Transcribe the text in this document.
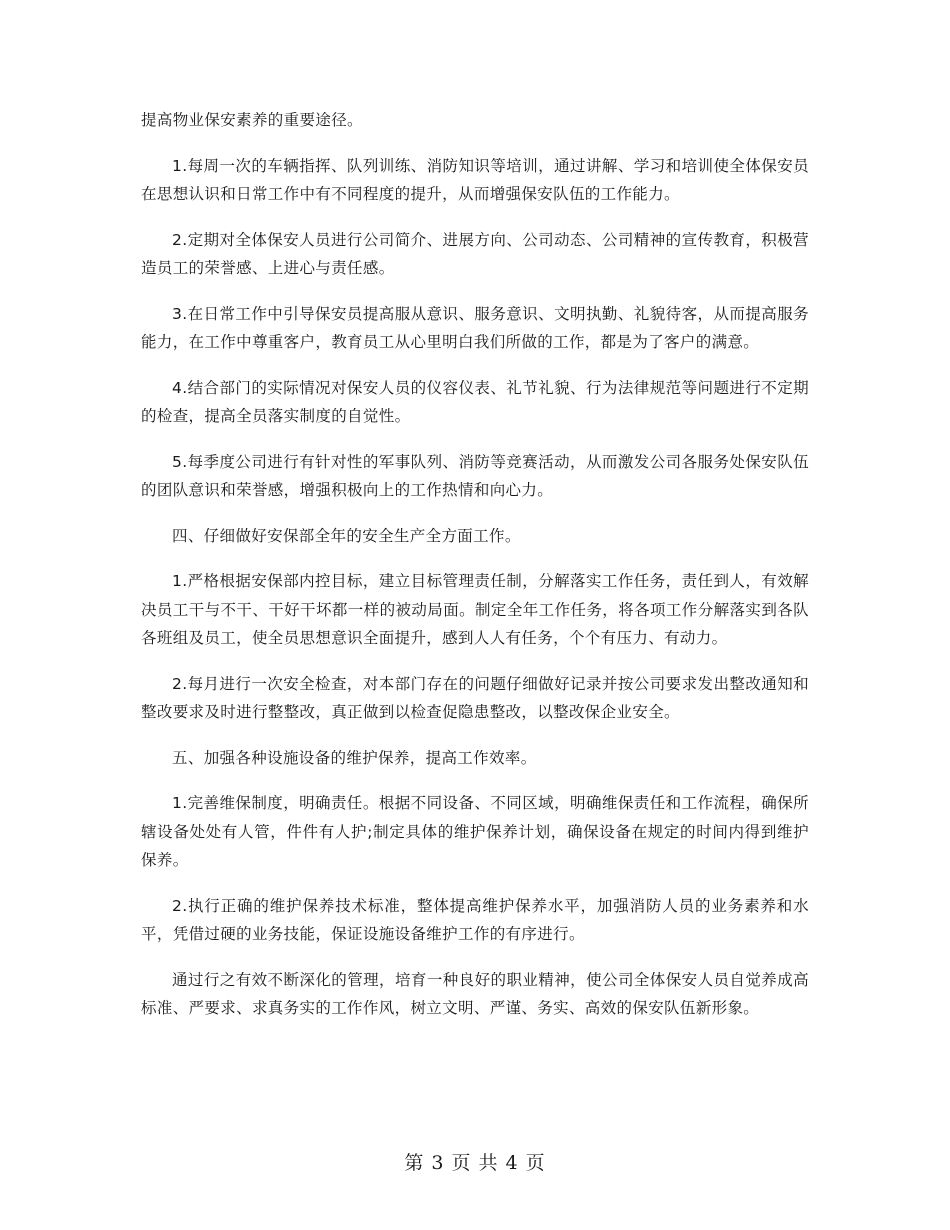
提高物业保安素养的重要途径。

1.每周一次的车辆指挥、队列训练、消防知识等培训，通过讲解、学习和培训使全体保安员在思想认识和日常工作中有不同程度的提升，从而增强保安队伍的工作能力。

2.定期对全体保安人员进行公司简介、进展方向、公司动态、公司精神的宣传教育，积极营造员工的荣誉感、上进心与责任感。

3.在日常工作中引导保安员提高服从意识、服务意识、文明执勤、礼貌待客，从而提高服务能力，在工作中尊重客户，教育员工从心里明白我们所做的工作，都是为了客户的满意。

4.结合部门的实际情况对保安人员的仪容仪表、礼节礼貌、行为法律规范等问题进行不定期的检查，提高全员落实制度的自觉性。

5.每季度公司进行有针对性的军事队列、消防等竞赛活动，从而激发公司各服务处保安队伍的团队意识和荣誉感，增强积极向上的工作热情和向心力。

四、仔细做好安保部全年的安全生产全方面工作。

1.严格根据安保部内控目标，建立目标管理责任制，分解落实工作任务，责任到人，有效解决员工干与不干、干好干坏都一样的被动局面。制定全年工作任务，将各项工作分解落实到各队各班组及员工，使全员思想意识全面提升，感到人人有任务，个个有压力、有动力。

2.每月进行一次安全检查，对本部门存在的问题仔细做好记录并按公司要求发出整改通知和整改要求及时进行整整改，真正做到以检查促隐患整改，以整改保企业安全。

五、加强各种设施设备的维护保养，提高工作效率。

1.完善维保制度，明确责任。根据不同设备、不同区域，明确维保责任和工作流程，确保所辖设备处处有人管，件件有人护;制定具体的维护保养计划，确保设备在规定的时间内得到维护保养。

2.执行正确的维护保养技术标准，整体提高维护保养水平，加强消防人员的业务素养和水平，凭借过硬的业务技能，保证设施设备维护工作的有序进行。

通过行之有效不断深化的管理，培育一种良好的职业精神，使公司全体保安人员自觉养成高标准、严要求、求真务实的工作作风，树立文明、严谨、务实、高效的保安队伍新形象。

第 3 页 共 4 页
